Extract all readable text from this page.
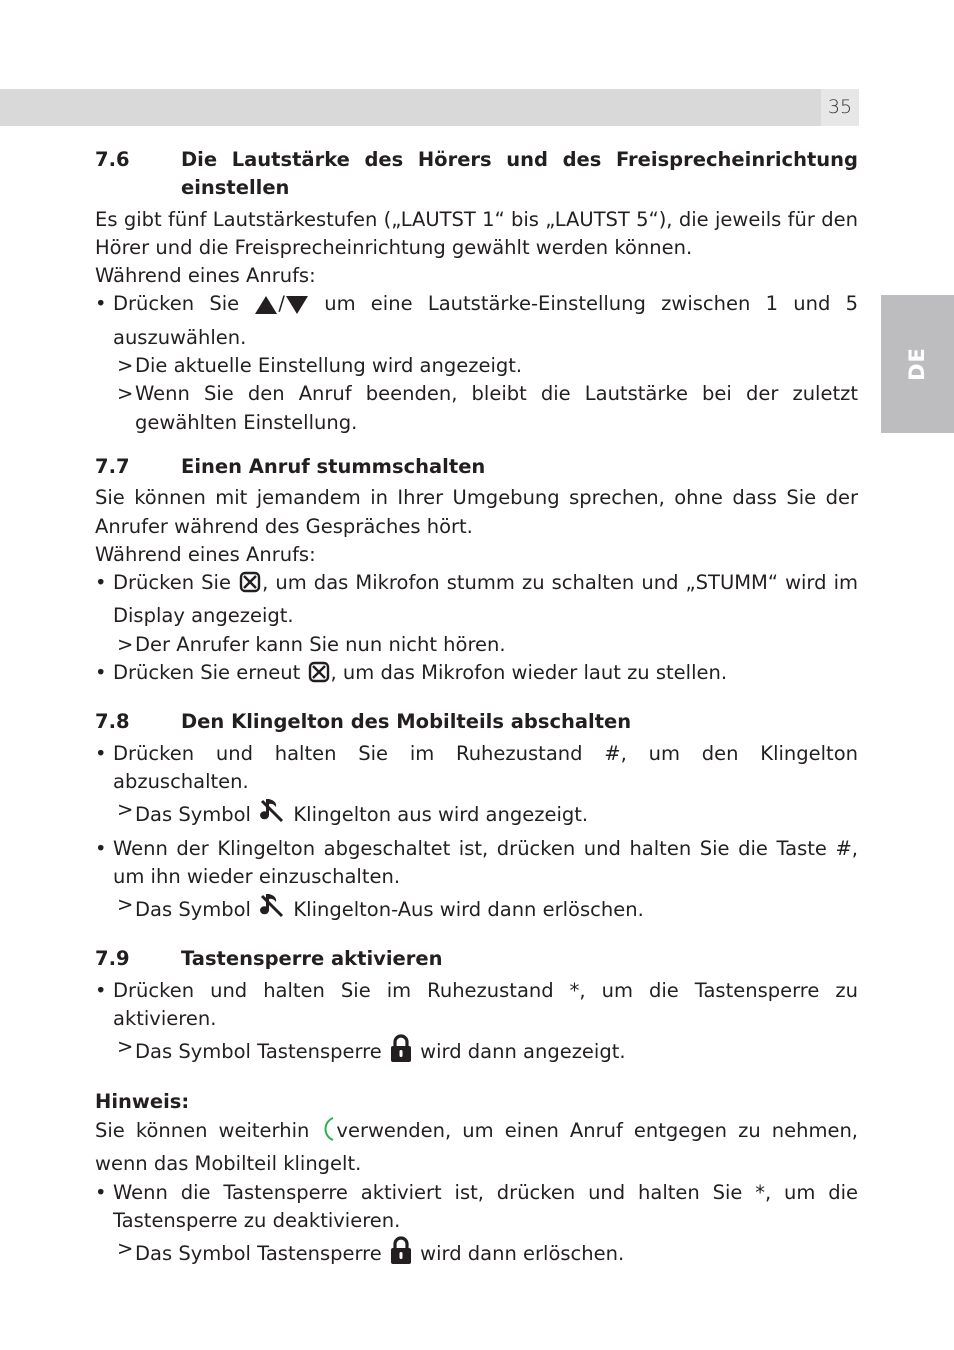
35
DE
7.6	Die Lautstärke des Hörers und des Freisprecheinrichtung einstellen
Es gibt fünf Lautstärkestufen („LAUTST 1“ bis „LAUTST 5“), die jeweils für den Hörer und die Freisprecheinrichtung gewählt werden können.
Während eines Anrufs:
• Drücken Sie / um eine Lautstärke-Einstellung zwischen 1 und 5 auszuwählen.
> Die aktuelle Einstellung wird angezeigt.
> Wenn Sie den Anruf beenden, bleibt die Lautstärke bei der zuletzt gewählten Einstellung.
7.7	Einen Anruf stummschalten
Sie können mit jemandem in Ihrer Umgebung sprechen, ohne dass Sie der Anrufer während des Gespräches hört.
Während eines Anrufs:
• Drücken Sie , um das Mikrofon stumm zu schalten und „STUMM“ wird im Display angezeigt.
> Der Anrufer kann Sie nun nicht hören.
• Drücken Sie erneut , um das Mikrofon wieder laut zu stellen.
7.8	Den Klingelton des Mobilteils abschalten
• Drücken und halten Sie im Ruhezustand #, um den Klingelton abzuschalten.
> Das Symbol  Klingelton aus wird angezeigt.
• Wenn der Klingelton abgeschaltet ist, drücken und halten Sie die Taste #, um ihn wieder einzuschalten.
> Das Symbol  Klingelton-Aus wird dann erlöschen.
7.9	Tastensperre aktivieren
• Drücken und halten Sie im Ruhezustand *, um die Tastensperre zu aktivieren.
> Das Symbol Tastensperre  wird dann angezeigt.
Hinweis:
Sie können weiterhin verwenden, um einen Anruf entgegen zu nehmen, wenn das Mobilteil klingelt.
• Wenn die Tastensperre aktiviert ist, drücken und halten Sie *, um die Tastensperre zu deaktivieren.
> Das Symbol Tastensperre  wird dann erlöschen.
